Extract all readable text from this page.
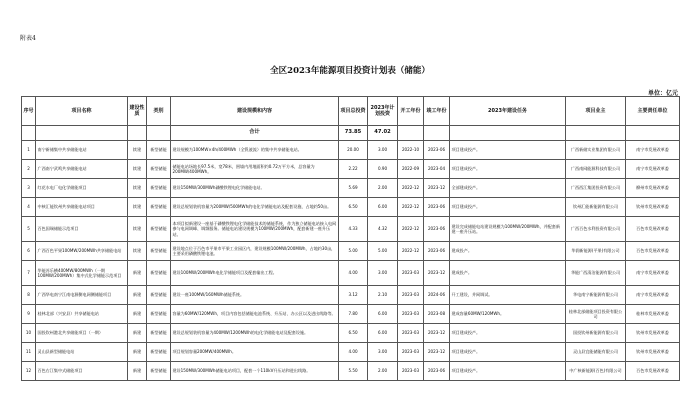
附表4
全区2023年能源项目投资计划表（储能）
单位：亿元
序号	项目名称	建设性质	类别	建设规模和内容	项目总投资	2023年计划投资	开工年份	竣工年份	2023年建设任务	项目业主	主要责任单位
				合计	73.85	47.02					
1	南宁新储集中共享储能电站	续建	新型储能	建设规模为100MW×4h/400MWh（全钒液流）的集中共享储能电站。	20.00	3.00	2022-10	2023-06	项目建成投产。	广西新储实业集团有限公司	南宁市发展改革委
2	广西南宁武鸣共享储能电站	续建	新型储能	储能电站场地长97.5米，宽78米，围墙内用地面积约0.72万平方米，总容量为200MW/400MWh。	2.22	0.90	2022-09	2023-04	项目建成投产。	广西南网能源科技有限公司	南宁市发展改革委
3	红花水电厂电化学储能项目	续建	新型储能	建设150MW/300MWh磷酸铁锂电化学储能电站。	5.69	2.00	2022-12	2023-12	全部建成投产。	广西西江集团投资有限公司	柳州市发展改革委
4	中核汇能钦州共享储能电站项目	续建	新型储能	建设总规划装机容量为200MW/500MWh的电化学储能电站及配套设施、占地约50亩。	6.50	6.00	2022-12	2023-06	项目建成投产。	钦州汇能新能源有限公司	钦州市发展改革委
5	百色国瑞储能示范项目	续建	新型储能	本项目拟新建设一座基于磷酸铁锂电化学储能技术的储能系统，作为独立储能电站接入电网参与电网调峰、调频服务。储能电站建设规模为100MW/200MWh，配套新建一座升压站。	4.33	4.32	2022-12	2023-06	建设完成储能电站建设规模为100MW/200MWh，并配套新建一座升压站。	广西百色水利投资有限公司	百色市发展改革委
6	广西百色平果100MW/200MWh共享储能电站	续建	新型储能	建设地点位于百色市平果市平果工业园区内，建设规模100MW/200MWh，占地约30亩，主要采用磷酸铁锂电池。	5.00	5.00	2022-12	2023-06	建成投产。	华润新能源(平果)有限公司	百色市发展改革委
7	华能苏乐横400MW/800MWh（一期100MW/200MWh）集中式化学储能示范项目	新建	新型储能	建设100MW/200MWh电化学储能项目及配套输出工程。	4.00	3.00	2023-03	2023-12	建成投产。	华能广西清洁能源有限公司	南宁市发展改革委
8	广西华电南宁江南电源侧电网侧储能项目	新建	新型储能	建设一座100MW/160MWh储能系统。	3.12	2.10	2023-03	2024-06	开工建设，并网调试。	华电南宁新能源有限公司	南宁市发展改革委
9	桂林北部（兴安县）共享储能电站	新建	新型储能	容量为60MW/120MWh，项目内容包括储能电池系统、升压站、办公区以及进出线路等。	7.80	6.00	2023-03	2023-08	建成容量60MW/120MWh。	桂林北部储能项目投资有限公司	桂林市发展改革委
10	国投钦州港北共享储能项目（一期）	新建	新型储能	建设总规划装机容量为400MW/1200MWh的电化学储能电站及配套设施。	6.50	6.00	2023-03	2023-12	项目建成投产。	国投钦州新能源有限公司	钦州市发展改革委
11	灵山县新型储能电站	新建	新型储能	项目规划容量200MW/400MWh。	4.00	3.00	2023-03	2023-12	项目建成投产。	灵山县宜能储能有限公司	钦州市发展改革委
12	百色右江集中式储能项目	新建	新型储能	建设150MW/300MWh储能电站项目，配套一个110kV升压站和进出线路。	5.50	2.00	2023-03	2023-06	项目建成投产。	中广核新能源(百色)有限公司	百色市发展改革委
